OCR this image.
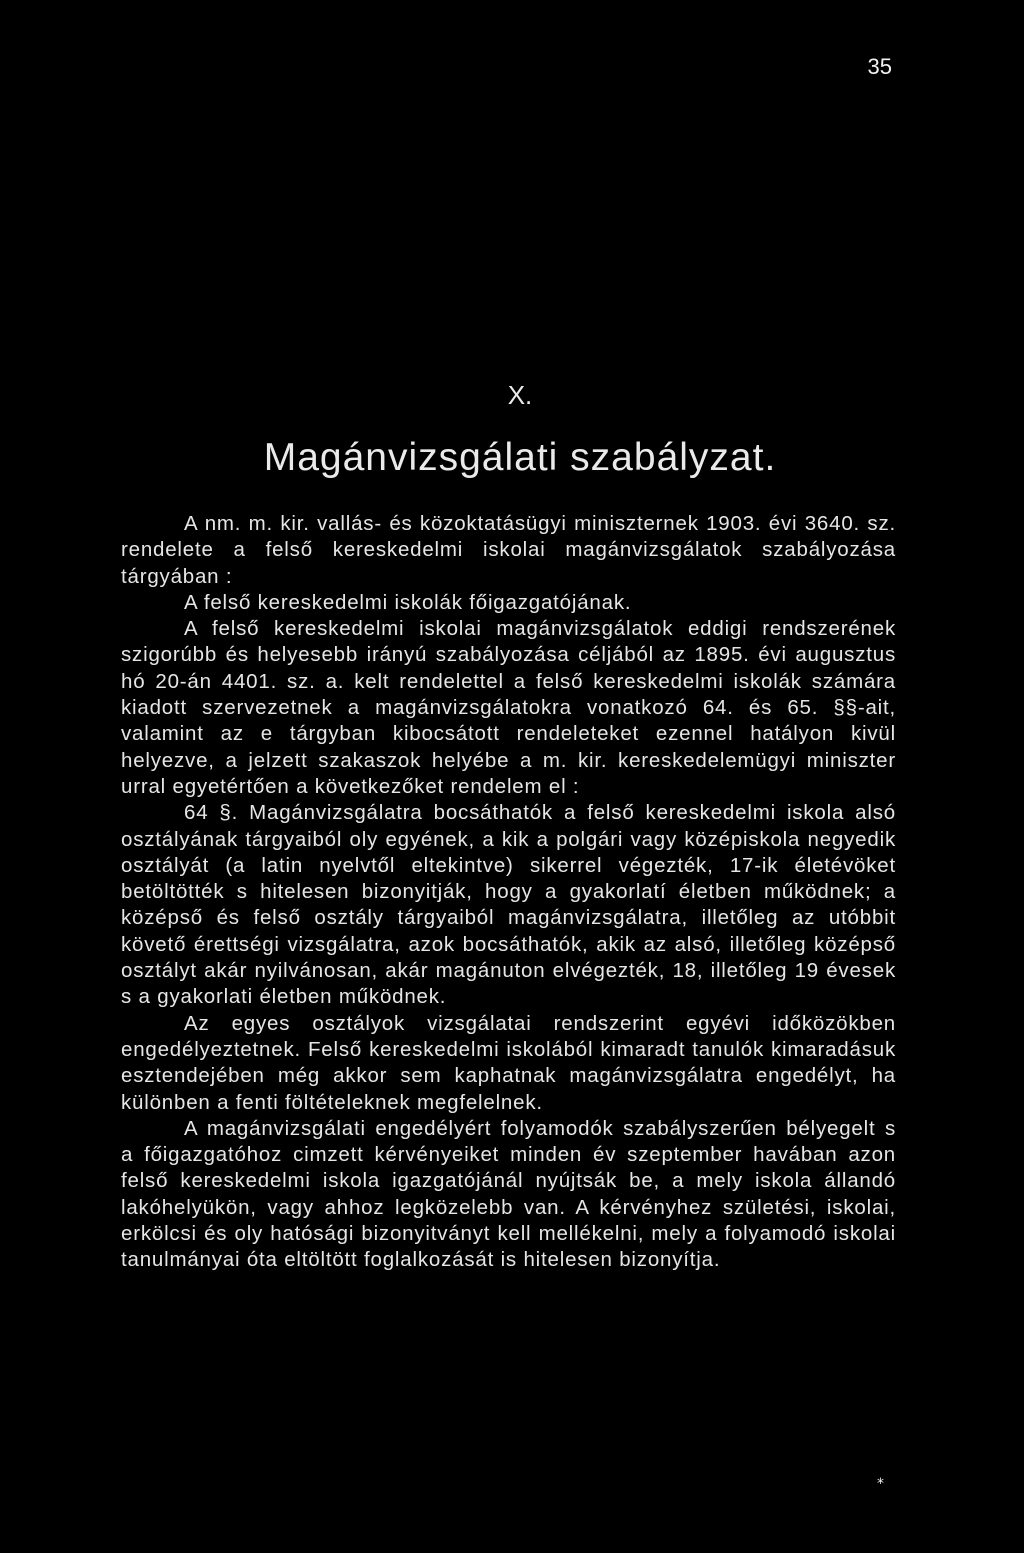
35
X.
Magánvizsgálati szabályzat.

A nm. m. kir. vallás- és közoktatásügyi miniszternek 1903. évi 3640. sz. rendelete a felső kereskedelmi iskolai magánvizsgálatok szabályozása tárgyában :

A felső kereskedelmi iskolák főigazgatójának.

A felső kereskedelmi iskolai magánvizsgálatok eddigi rendszerének szigorúbb és helyesebb irányú szabályozása céljából az 1895. évi augusztus hó 20-án 4401. sz. a. kelt rendelettel a felső kereskedelmi iskolák számára kiadott szervezetnek a magánvizsgálatokra vonatkozó 64. és 65. §§-ait, valamint az e tárgyban kibocsátott rendeleteket ezennel hatályon kivül helyezve, a jelzett szakaszok helyébe a m. kir. kereskedelemügyi miniszter urral egyetértően a következőket rendelem el :

64 §. Magánvizsgálatra bocsáthatók a felső kereskedelmi iskola alsó osztályának tárgyaiból oly egyének, a kik a polgári vagy középiskola negyedik osztályát (a latin nyelvtől eltekintve) sikerrel végezték, 17-ik életévöket betöltötték s hitelesen bizonyitják, hogy a gyakorlatí életben működnek; a középső és felső osztály tárgyaiból magánvizsgálatra, illetőleg az utóbbit követő érettségi vizsgálatra, azok bocsáthatók, akik az alsó, illetőleg középső osztályt akár nyilvánosan, akár magánuton elvégezték, 18, illetőleg 19 évesek s a gyakorlati életben működnek.

Az egyes osztályok vizsgálatai rendszerint egyévi időközökben engedélyeztetnek. Felső kereskedelmi iskolából kimaradt tanulók kimaradásuk esztendejében még akkor sem kaphatnak magánvizsgálatra engedélyt, ha különben a fenti föltételeknek megfelelnek.

A magánvizsgálati engedélyért folyamodók szabályszerűen bélyegelt s a főigazgatóhoz cimzett kérvényeiket minden év szeptember havában azon felső kereskedelmi iskola igazgatójánál nyújtsák be, a mely iskola állandó lakóhelyükön, vagy ahhoz legközelebb van. A kérvényhez születési, iskolai, erkölcsi és oly hatósági bizonyitványt kell mellékelni, mely a folyamodó iskolai tanulmányai óta eltöltött foglalkozását is hitelesen bizonyítja.

*
